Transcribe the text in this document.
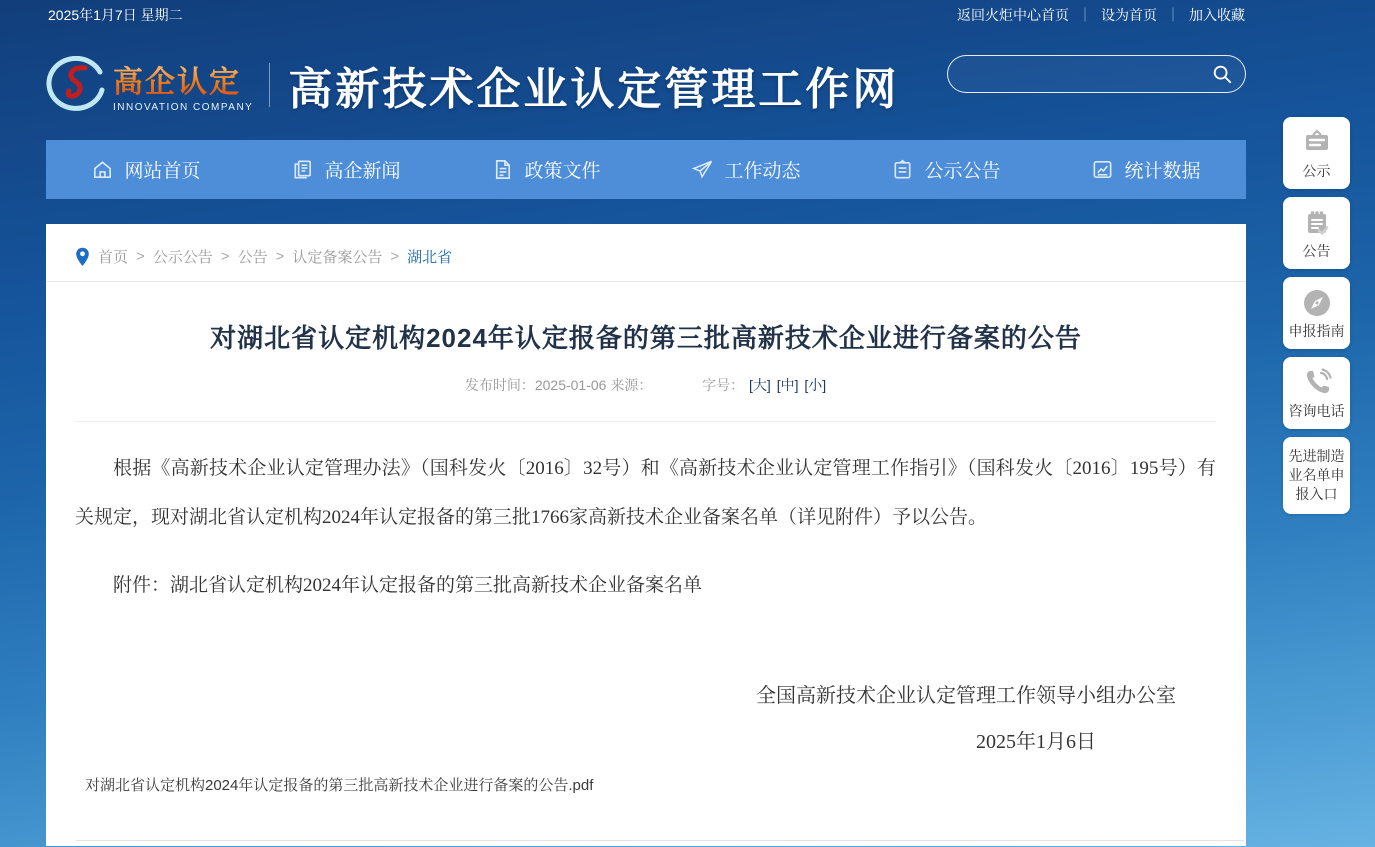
2025年1月7日 星期二	返回火炬中心首页 ｜ 设为首页 ｜ 加入收藏
高企认定
INNOVATION COMPANY 高新技术企业认定管理工作网
网站首页	高企新闻	政策文件	工作动态	公示公告	统计数据
首页 > 公示公告 > 公告 > 认定备案公告 > 湖北省
对湖北省认定机构2024年认定报备的第三批高新技术企业进行备案的公告
发布时间：2025-01-06 来源：	字号： [大] [中] [小]

根据《高新技术企业认定管理办法》（国科发火〔2016〕32号）和《高新技术企业认定管理工作指引》（国科发火〔2016〕195号）有关规定，现对湖北省认定机构2024年认定报备的第三批1766家高新技术企业备案名单（详见附件）予以公告。

附件：湖北省认定机构2024年认定报备的第三批高新技术企业备案名单

全国高新技术企业认定管理工作领导小组办公室
2025年1月6日
对湖北省认定机构2024年认定报备的第三批高新技术企业进行备案的公告.pdf
公示
公告
申报指南
咨询电话
先进制造业名单申报入口
